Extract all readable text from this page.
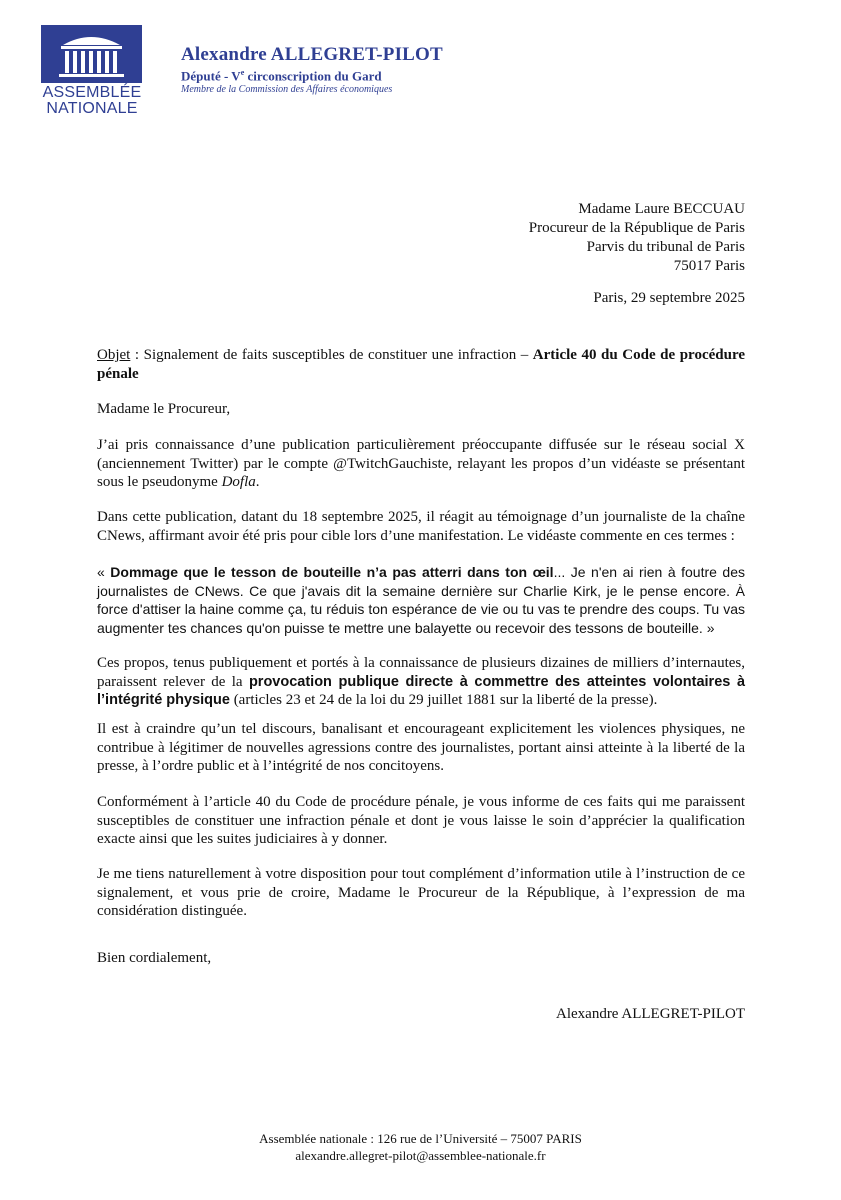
ASSEMBLÉE
NATIONALE
Alexandre ALLEGRET-PILOT
Député - Ve circonscription du Gard
Membre de la Commission des Affaires économiques
Madame Laure BECCUAU
Procureur de la République de Paris
Parvis du tribunal de Paris
75017 Paris
Paris, 29 septembre 2025
Objet : Signalement de faits susceptibles de constituer une infraction – Article 40 du Code de procédure pénale
Madame le Procureur,
J’ai pris connaissance d’une publication particulièrement préoccupante diffusée sur le réseau social X (anciennement Twitter) par le compte @TwitchGauchiste, relayant les propos d’un vidéaste se présentant sous le pseudonyme Dofla.
Dans cette publication, datant du 18 septembre 2025, il réagit au témoignage d’un journaliste de la chaîne CNews, affirmant avoir été pris pour cible lors d’une manifestation. Le vidéaste commente en ces termes :
« Dommage que le tesson de bouteille n’a pas atterri dans ton œil... Je n'en ai rien à foutre des journalistes de CNews. Ce que j'avais dit la semaine dernière sur Charlie Kirk, je le pense encore. À force d'attiser la haine comme ça, tu réduis ton espérance de vie ou tu vas te prendre des coups. Tu vas augmenter tes chances qu'on puisse te mettre une balayette ou recevoir des tessons de bouteille. »
Ces propos, tenus publiquement et portés à la connaissance de plusieurs dizaines de milliers d’internautes, paraissent relever de la provocation publique directe à commettre des atteintes volontaires à l’intégrité physique (articles 23 et 24 de la loi du 29 juillet 1881 sur la liberté de la presse).
Il est à craindre qu’un tel discours, banalisant et encourageant explicitement les violences physiques, ne contribue à légitimer de nouvelles agressions contre des journalistes, portant ainsi atteinte à la liberté de la presse, à l’ordre public et à l’intégrité de nos concitoyens.
Conformément à l’article 40 du Code de procédure pénale, je vous informe de ces faits qui me paraissent susceptibles de constituer une infraction pénale et dont je vous laisse le soin d’apprécier la qualification exacte ainsi que les suites judiciaires à y donner.
Je me tiens naturellement à votre disposition pour tout complément d’information utile à l’instruction de ce signalement, et vous prie de croire, Madame le Procureur de la République, à l’expression de ma considération distinguée.
Bien cordialement,
Alexandre ALLEGRET-PILOT
Assemblée nationale : 126 rue de l’Université – 75007 PARIS
alexandre.allegret-pilot@assemblee-nationale.fr
